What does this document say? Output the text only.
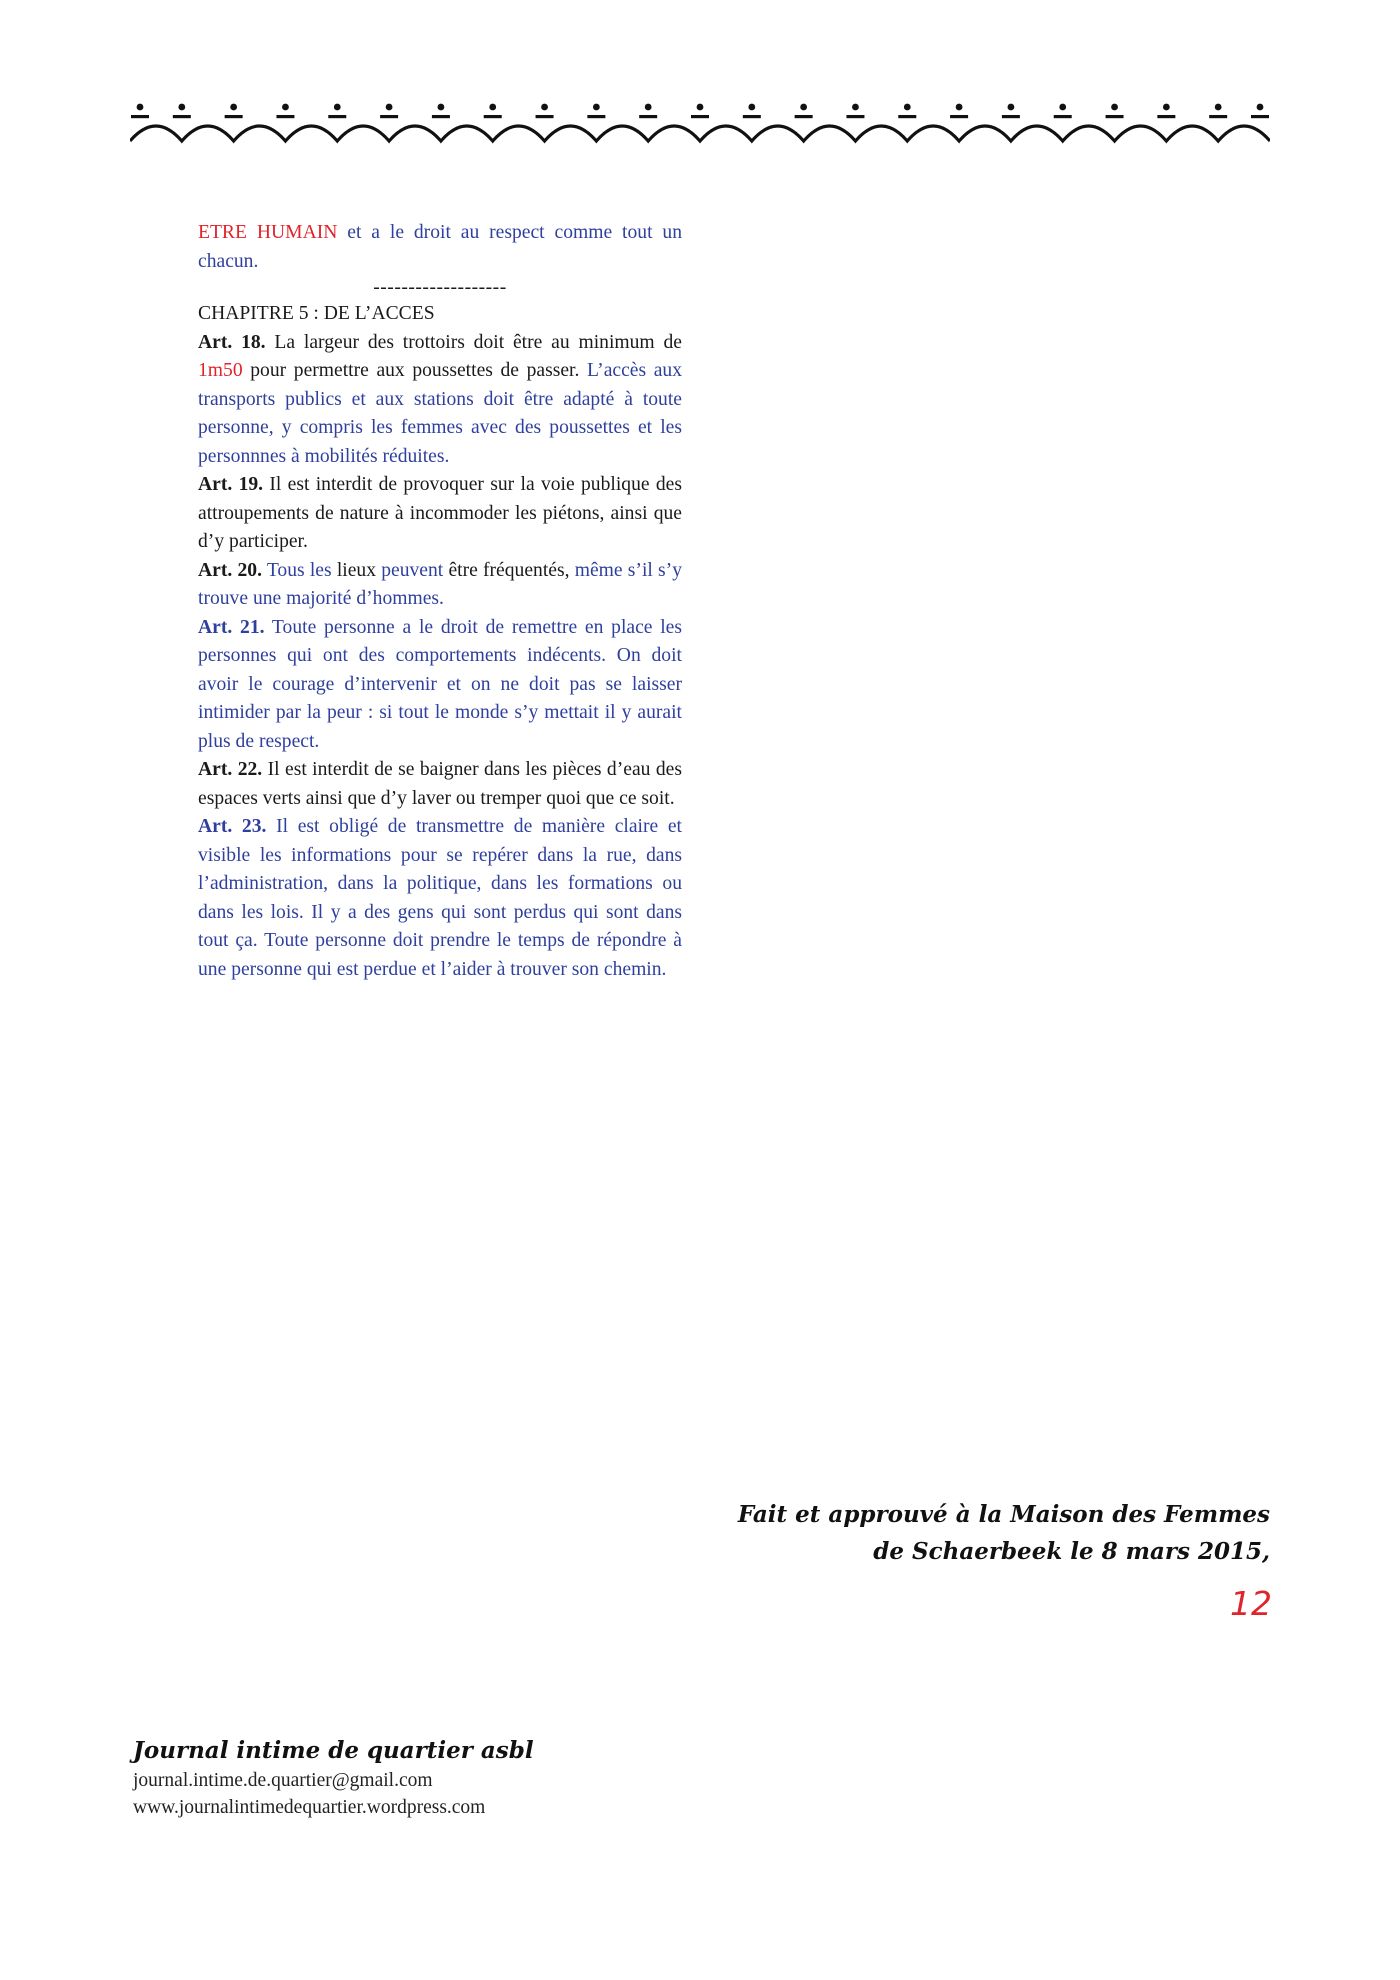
ETRE HUMAIN et a le droit au respect comme tout un chacun.

-------------------

CHAPITRE 5 : DE L’ACCES

Art. 18. La largeur des trottoirs doit être au minimum de 1m50 pour permettre aux poussettes de passer. L’accès aux transports publics et aux stations doit être adapté à toute personne, y compris les femmes avec des poussettes et les personnnes à mobilités réduites.

Art. 19. Il est interdit de provoquer sur la voie publique des attroupements de nature à incommoder les piétons, ainsi que d’y participer.

Art. 20. Tous les lieux peuvent être fréquentés, même s’il s’y trouve une majorité d’hommes.

Art. 21. Toute personne a le droit de remettre en place les personnes qui ont des comportements indécents. On doit avoir le courage d’intervenir et on ne doit pas se laisser intimider par la peur : si tout le monde s’y mettait il y aurait plus de respect.

Art. 22. Il est interdit de se baigner dans les pièces d’eau des espaces verts ainsi que d’y laver ou tremper quoi que ce soit.

Art. 23. Il est obligé de transmettre de manière claire et visible les informations pour se repérer dans la rue, dans l’administration, dans la politique, dans les formations ou dans les lois. Il y a des gens qui sont perdus qui sont dans tout ça. Toute personne doit prendre le temps de répondre à une personne qui est perdue et l’aider à trouver son chemin.

Fait et approuvé à la Maison des Femmes
de Schaerbeek le 8 mars 2015,
12
Journal intime de quartier asbl
journal.intime.de.quartier@gmail.com
www.journalintimedequartier.wordpress.com
